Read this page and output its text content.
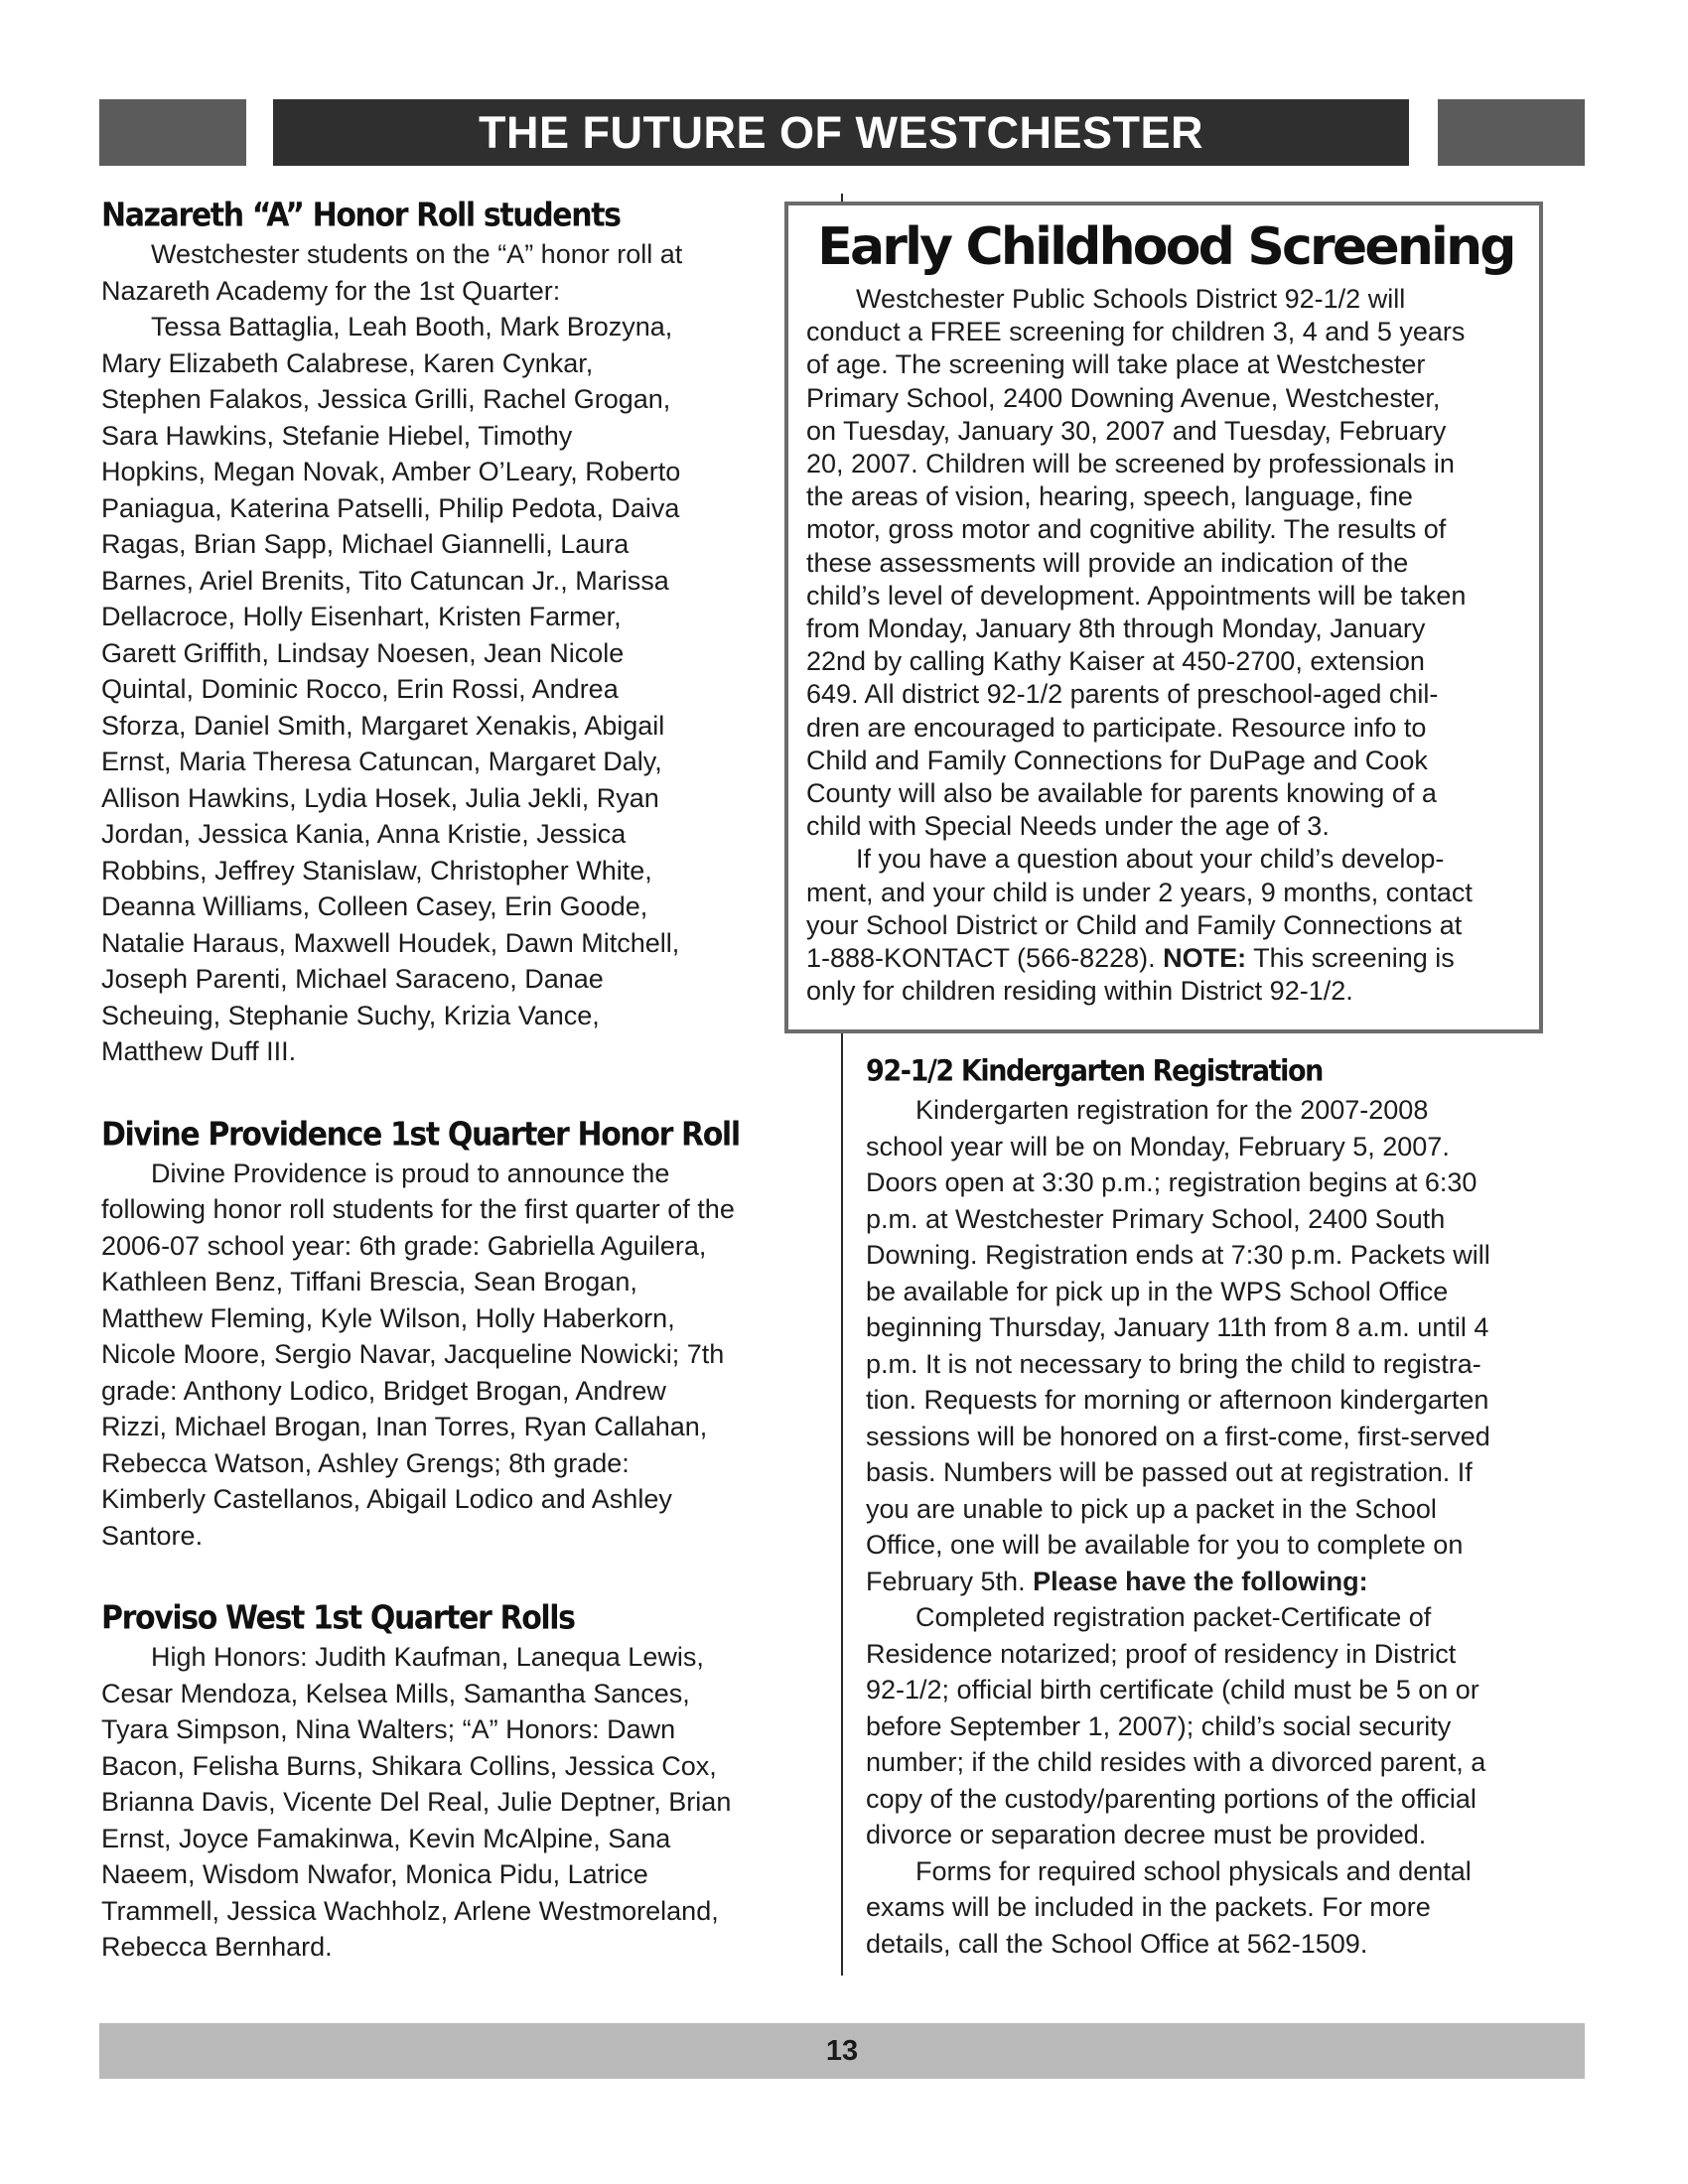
THE FUTURE OF WESTCHESTER
Nazareth “A” Honor Roll students

Westchester students on the “A” honor roll at
Nazareth Academy for the 1st Quarter:

Tessa Battaglia, Leah Booth, Mark Brozyna,
Mary Elizabeth Calabrese, Karen Cynkar,
Stephen Falakos, Jessica Grilli, Rachel Grogan,
Sara Hawkins, Stefanie Hiebel, Timothy
Hopkins, Megan Novak, Amber O’Leary, Roberto
Paniagua, Katerina Patselli, Philip Pedota, Daiva
Ragas, Brian Sapp, Michael Giannelli, Laura
Barnes, Ariel Brenits, Tito Catuncan Jr., Marissa
Dellacroce, Holly Eisenhart, Kristen Farmer,
Garett Griffith, Lindsay Noesen, Jean Nicole
Quintal, Dominic Rocco, Erin Rossi, Andrea
Sforza, Daniel Smith, Margaret Xenakis, Abigail
Ernst, Maria Theresa Catuncan, Margaret Daly,
Allison Hawkins, Lydia Hosek, Julia Jekli, Ryan
Jordan, Jessica Kania, Anna Kristie, Jessica
Robbins, Jeffrey Stanislaw, Christopher White,
Deanna Williams, Colleen Casey, Erin Goode,
Natalie Haraus, Maxwell Houdek, Dawn Mitchell,
Joseph Parenti, Michael Saraceno, Danae
Scheuing, Stephanie Suchy, Krizia Vance,
Matthew Duff III.

Divine Providence 1st Quarter Honor Roll

Divine Providence is proud to announce the
following honor roll students for the first quarter of the
2006-07 school year: 6th grade: Gabriella Aguilera,
Kathleen Benz, Tiffani Brescia, Sean Brogan,
Matthew Fleming, Kyle Wilson, Holly Haberkorn,
Nicole Moore, Sergio Navar, Jacqueline Nowicki; 7th
grade: Anthony Lodico, Bridget Brogan, Andrew
Rizzi, Michael Brogan, Inan Torres, Ryan Callahan,
Rebecca Watson, Ashley Grengs; 8th grade:
Kimberly Castellanos, Abigail Lodico and Ashley
Santore.

Proviso West 1st Quarter Rolls

High Honors: Judith Kaufman, Lanequa Lewis,
Cesar Mendoza, Kelsea Mills, Samantha Sances,
Tyara Simpson, Nina Walters; “A” Honors: Dawn
Bacon, Felisha Burns, Shikara Collins, Jessica Cox,
Brianna Davis, Vicente Del Real, Julie Deptner, Brian
Ernst, Joyce Famakinwa, Kevin McAlpine, Sana
Naeem, Wisdom Nwafor, Monica Pidu, Latrice
Trammell, Jessica Wachholz, Arlene Westmoreland,
Rebecca Bernhard.

Early Childhood Screening

Westchester Public Schools District 92-1/2 will
conduct a FREE screening for children 3, 4 and 5 years
of age. The screening will take place at Westchester
Primary School, 2400 Downing Avenue, Westchester,
on Tuesday, January 30, 2007 and Tuesday, February
20, 2007. Children will be screened by professionals in
the areas of vision, hearing, speech, language, fine
motor, gross motor and cognitive ability. The results of
these assessments will provide an indication of the
child’s level of development. Appointments will be taken
from Monday, January 8th through Monday, January
22nd by calling Kathy Kaiser at 450-2700, extension
649. All district 92-1/2 parents of preschool-aged chil-
dren are encouraged to participate. Resource info to
Child and Family Connections for DuPage and Cook
County will also be available for parents knowing of a
child with Special Needs under the age of 3.

If you have a question about your child’s develop-
ment, and your child is under 2 years, 9 months, contact
your School District or Child and Family Connections at
1-888-KONTACT (566-8228). NOTE: This screening is
only for children residing within District 92-1/2.

92-1/2 Kindergarten Registration

Kindergarten registration for the 2007-2008
school year will be on Monday, February 5, 2007.
Doors open at 3:30 p.m.; registration begins at 6:30
p.m. at Westchester Primary School, 2400 South
Downing. Registration ends at 7:30 p.m. Packets will
be available for pick up in the WPS School Office
beginning Thursday, January 11th from 8 a.m. until 4
p.m. It is not necessary to bring the child to registra-
tion. Requests for morning or afternoon kindergarten
sessions will be honored on a first-come, first-served
basis. Numbers will be passed out at registration. If
you are unable to pick up a packet in the School
Office, one will be available for you to complete on
February 5th. Please have the following:

Completed registration packet-Certificate of
Residence notarized; proof of residency in District
92-1/2; official birth certificate (child must be 5 on or
before September 1, 2007); child’s social security
number; if the child resides with a divorced parent, a
copy of the custody/parenting portions of the official
divorce or separation decree must be provided.

Forms for required school physicals and dental
exams will be included in the packets. For more
details, call the School Office at 562-1509.

13
